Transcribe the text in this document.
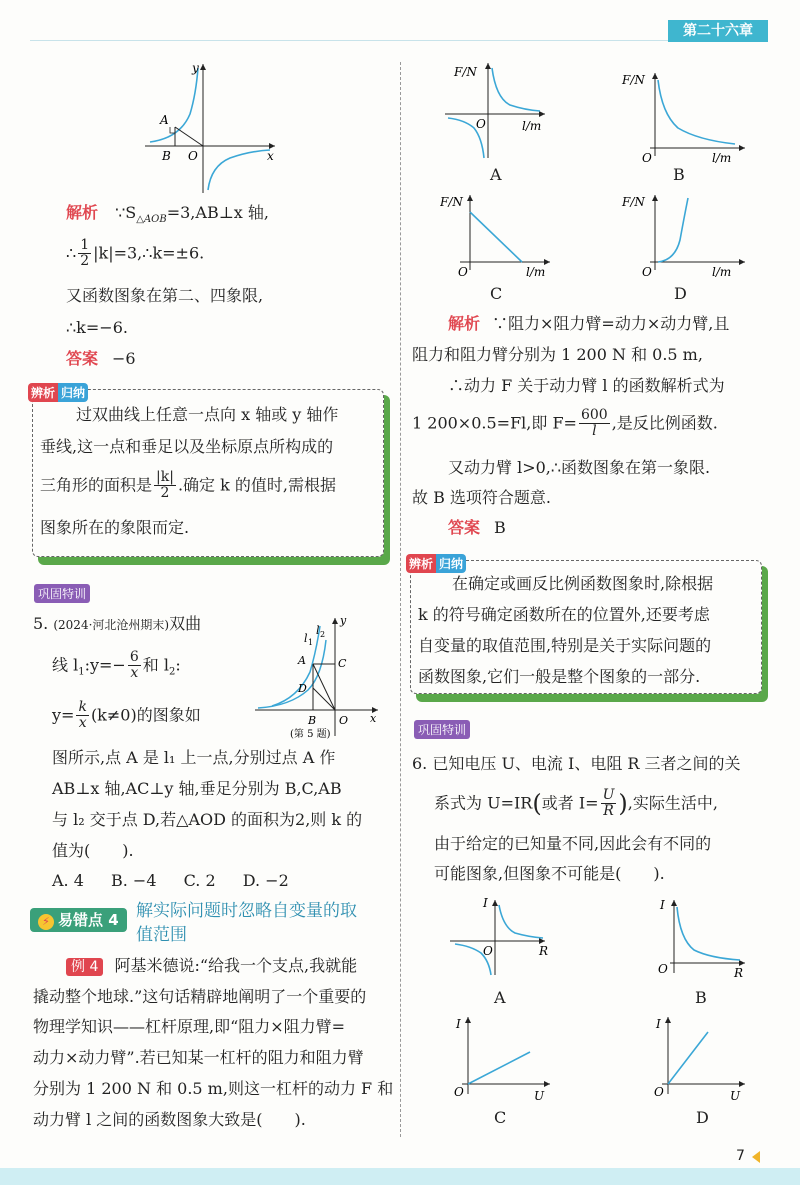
第二十六章
y
x
A
B O
解析 $\because S_{\triangle AOB}=3,AB\perp x$ 轴,
∴ $\frac{1}{2}$ |k|=3,∴k=±6.
又函数图象在第二、四象限,
∴k=−6.
答案 −6
辨析 归纳
过双曲线上任意一点向 x 轴或 y 轴作
垂线,这一点和垂足以及坐标原点所构成的
三角形的面积是 $\frac{|k|}{2}$ .确定 k 的值时,需根据
图象所在的象限而定.
巩固特训
5. (2024·河北沧州期末)双曲
线 $l_1:y=- \frac{6}{x}$ 和 $l_2$:
$y= \frac{k}{x} (k\ne 0)$的图象如
图所示,点 A 是 l₁ 上一点,分别过点 A 作
AB⊥x 轴,AC⊥y 轴,垂足分别为 B,C,AB
与 l₂ 交于点 D,若△AOD 的面积为2,则 k 的
值为(　　).
A. 4 B. −4 C. 2 D. −2
l 1
l 2
y
x
A	C
D
B O
(第 5 题)
⚡ 易错点 4	解实际问题时忽略自变量的取
值范围
例 4 阿基米德说:“给我一个支点,我就能
撬动整个地球.”这句话精辟地阐明了一个重要的
物理学知识——杠杆原理,即“阻力×阻力臂=
动力×动力臂”.若已知某一杠杆的阻力和阻力臂
分别为 1 200 N 和 0.5 m,则这一杠杆的动力 F 和
动力臂 l 之间的函数图象大致是(　　).
F/N
O	l/m
A
F/N
O	l/m
B
F/N
O	l/m
C
F/N
O	l/m
D
解析 ∵阻力×阻力臂=动力×动力臂,且
阻力和阻力臂分别为 1 200 N 和 0.5 m,
∴动力 F 关于动力臂 l 的函数解析式为
1 200×0.5=Fl,即 $F= \frac{600}{l}$ ,是反比例函数.
又动力臂 l>0,∴函数图象在第一象限.
故 B 选项符合题意.
答案 B
辨析 归纳
在确定或画反比例函数图象时,除根据
k 的符号确定函数所在的位置外,还要考虑
自变量的取值范围,特别是关于实际问题的
函数图象,它们一般是整个图象的一部分.
巩固特训
6. 已知电压 U、电流 I、电阻 R 三者之间的关
系式为 U=IR(或者 $I= \frac{U}{R}$ ),实际生活中,
由于给定的已知量不同,因此会有不同的
可能图象,但图象不可能是(　　).
I
O	R
A
I
O	R
B
I
O	U
C
I
O	U
D
7
